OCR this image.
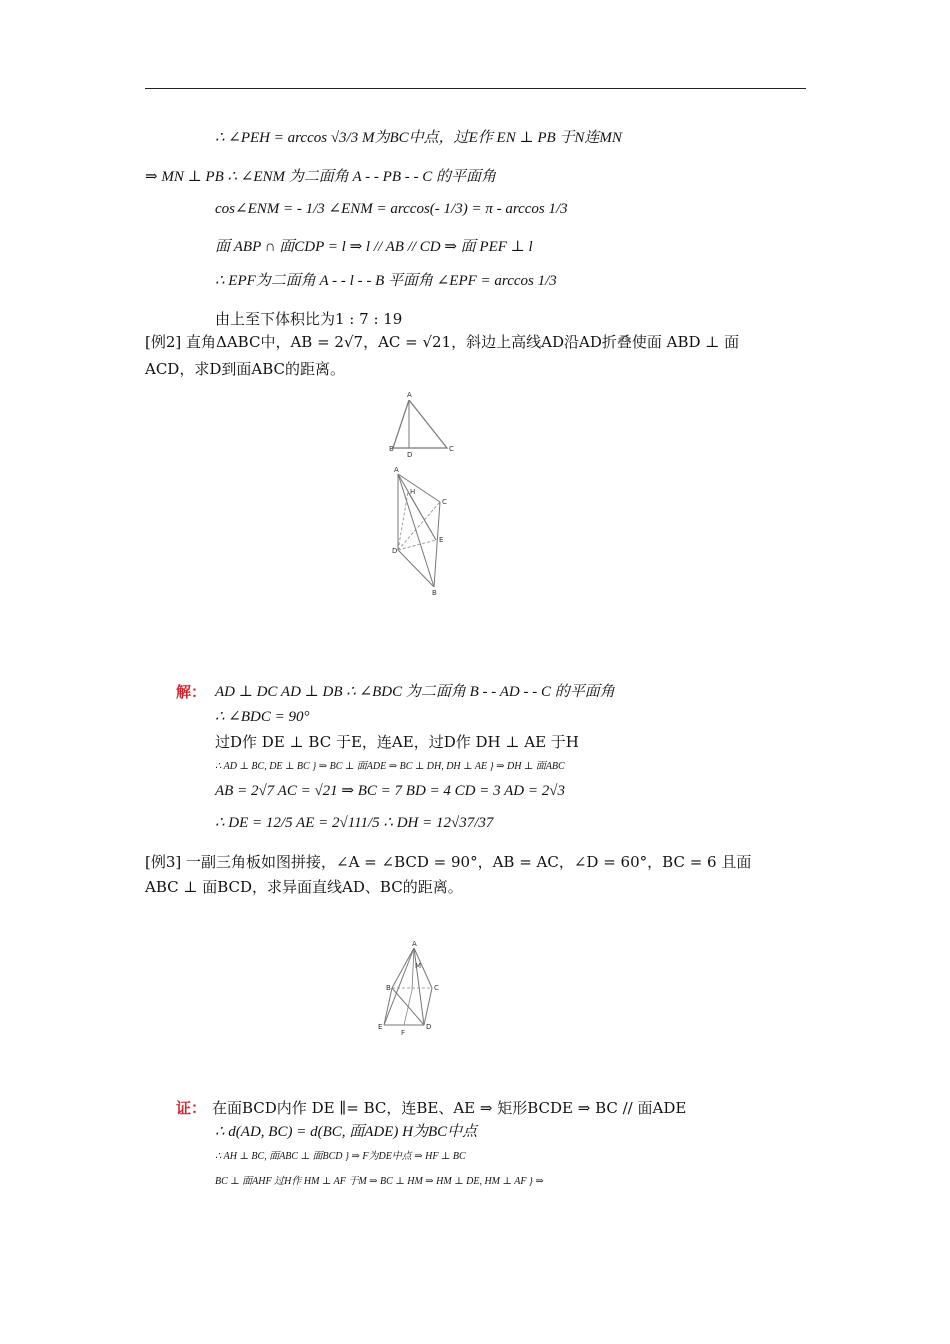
∴ ∠PEH = arccos √3/3 M为BC中点，过E作 EN ⊥ PB 于N连MN
⇒ MN ⊥ PB ∴ ∠ENM 为二面角 A - - PB - - C 的平面角
cos∠ENM = - 1/3 ∠ENM = arccos(- 1/3) = π - arccos 1/3
面 ABP ∩ 面CDP = l ⇒ l // AB // CD ⇒ 面 PEF ⊥ l
∴ EPF为二面角 A - - l - - B 平面角 ∠EPF = arccos 1/3
由上至下体积比为1 : 7 : 19
[例2] 直角ΔABC中，AB = 2√7，AC = √21，斜边上高线AD沿AD折叠使面 ABD ⊥ 面
ACD，求D到面ABC的距离。
A
B
D
C
A
H
C
E
D
B
解： AD ⊥ DC AD ⊥ DB ∴ ∠BDC 为二面角 B - - AD - - C 的平面角
∴ ∠BDC = 90°
过D作 DE ⊥ BC 于E，连AE，过D作 DH ⊥ AE 于H
∴ AD ⊥ BC, DE ⊥ BC } ⇒ BC ⊥ 面ADE ⇒ BC ⊥ DH, DH ⊥ AE } ⇒ DH ⊥ 面ABC
AB = 2√7 AC = √21 ⇒ BC = 7 BD = 4 CD = 3 AD = 2√3
∴ DE = 12/5 AE = 2√111/5 ∴ DH = 12√37/37
[例3] 一副三角板如图拼接，∠A = ∠BCD = 90°，AB = AC，∠D = 60°，BC = 6 且面
ABC ⊥ 面BCD，求异面直线AD、BC的距离。
A
M
B	C
E
F
D
证： 在面BCD内作 DE ∥= BC，连BE、AE ⇒ 矩形BCDE ⇒ BC // 面ADE
∴ d(AD, BC) = d(BC, 面ADE) H为BC中点
∴ AH ⊥ BC, 面ABC ⊥ 面BCD } ⇒ F为DE中点 ⇒ HF ⊥ BC
BC ⊥ 面AHF 过H作 HM ⊥ AF 于M ⇒ BC ⊥ HM ⇒ HM ⊥ DE, HM ⊥ AF } ⇒
